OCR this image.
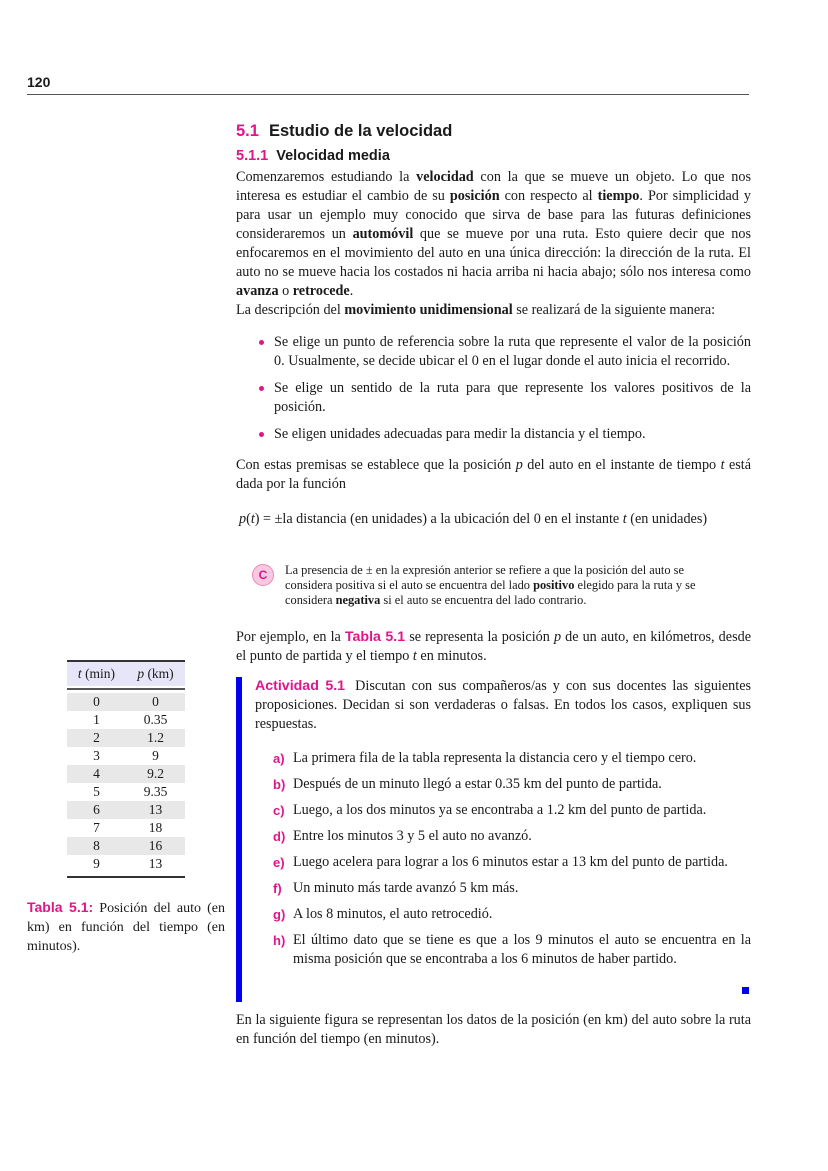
120
5.1 Estudio de la velocidad
5.1.1 Velocidad media

Comenzaremos estudiando la velocidad con la que se mueve un objeto. Lo que nos interesa es estudiar el cambio de su posición con respecto al tiempo. Por simplicidad y para usar un ejemplo muy conocido que sirva de base para las futuras definiciones consideraremos un automóvil que se mueve por una ruta. Esto quiere decir que nos enfocaremos en el movimiento del auto en una única dirección: la dirección de la ruta. El auto no se mueve hacia los costados ni hacia arriba ni hacia abajo; sólo nos interesa como avanza o retrocede.

La descripción del movimiento unidimensional se realizará de la siguiente manera:

Se elige un punto de referencia sobre la ruta que represente el valor de la posición 0. Usualmente, se decide ubicar el 0 en el lugar donde el auto inicia el recorrido.
Se elige un sentido de la ruta para que represente los valores positivos de la posición.
Se eligen unidades adecuadas para medir la distancia y el tiempo.

Con estas premisas se establece que la posición p del auto en el instante de tiempo t está dada por la función

p(t) = ±la distancia (en unidades) a la ubicación del 0 en el instante t (en unidades)
C	La presencia de ± en la expresión anterior se refiere a que la posición del auto se considera positiva si el auto se encuentra del lado positivo elegido para la ruta y se considera negativa si el auto se encuentra del lado contrario.

Por ejemplo, en la Tabla 5.1 se representa la posición p de un auto, en kilómetros, desde el punto de partida y el tiempo t en minutos.

Actividad 5.1 Discutan con sus compañeros/as y con sus docentes las siguientes proposiciones. Decidan si son verdaderas o falsas. En todos los casos, expliquen sus respuestas.

a) La primera fila de la tabla representa la distancia cero y el tiempo cero.
b) Después de un minuto llegó a estar 0.35 km del punto de partida.
c) Luego, a los dos minutos ya se encontraba a 1.2 km del punto de partida.
d) Entre los minutos 3 y 5 el auto no avanzó.
e) Luego acelera para lograr a los 6 minutos estar a 13 km del punto de partida.
f) Un minuto más tarde avanzó 5 km más.
g) A los 8 minutos, el auto retrocedió.
h) El último dato que se tiene es que a los 9 minutos el auto se encuentra en la misma posición que se encontraba a los 6 minutos de haber partido.

En la siguiente figura se representan los datos de la posición (en km) del auto sobre la ruta en función del tiempo (en minutos).

t (min)	p (km)
0	0
1	0.35
2	1.2
3	9
4	9.2
5	9.35
6	13
7	18
8	16
9	13
Tabla 5.1: Posición del auto (en km) en función del tiempo (en minutos).
